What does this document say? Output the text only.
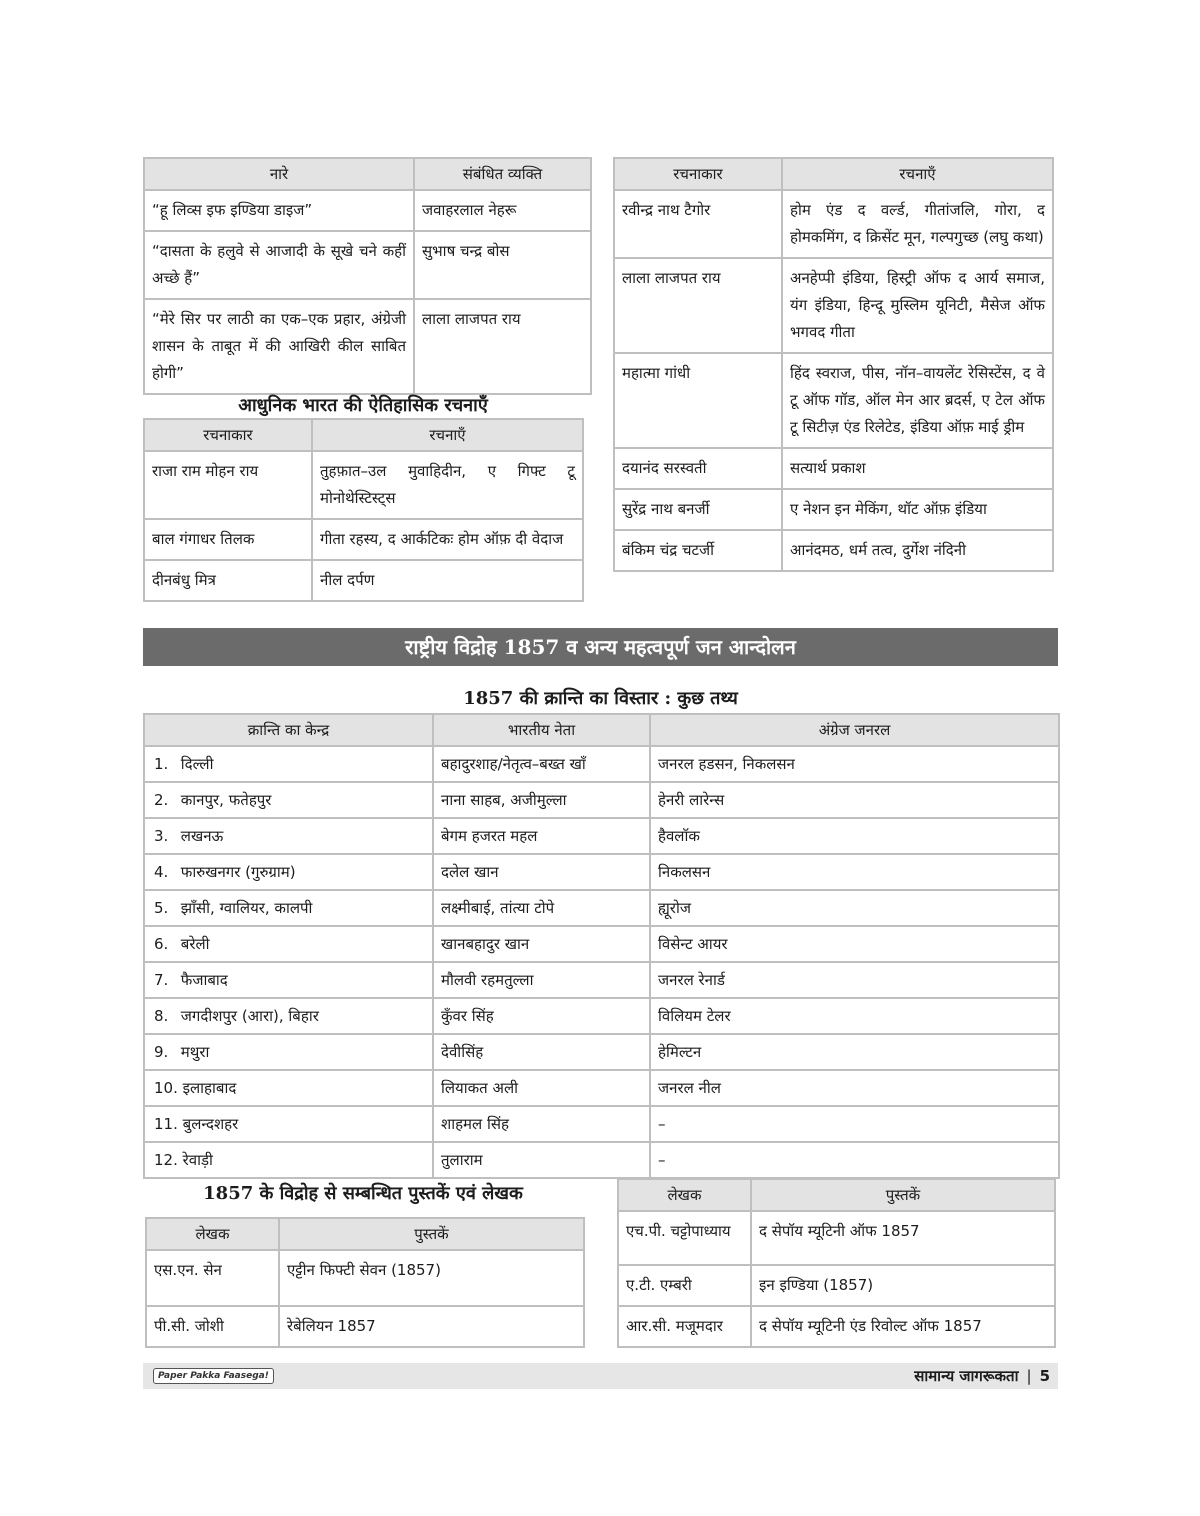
नारे	संबंधित व्यक्ति
“हू लिव्स इफ इण्डिया डाइज”	जवाहरलाल नेहरू
“दासता के हलुवे से आजादी के सूखे चने कहीं अच्छे हैं”	सुभाष चन्द्र बोस
“मेरे सिर पर लाठी का एक–एक प्रहार, अंग्रेजी शासन के ताबूत में की आखिरी कील साबित होगी”	लाला लाजपत राय
आधुनिक भारत की ऐतिहासिक रचनाएँ
रचनाकार	रचनाएँ
राजा राम मोहन राय	तुहफ़ात–उल मुवाहिदीन, ए गिफ्ट टू मोनोथेस्टिस्ट्स
बाल गंगाधर तिलक	गीता रहस्य, द आर्कटिकः होम ऑफ़ दी वेदाज
दीनबंधु मित्र	नील दर्पण
रचनाकार	रचनाएँ
रवीन्द्र नाथ टैगोर	होम एंड द वर्ल्ड, गीतांजलि, गोरा, द होमकमिंग, द क्रिसेंट मून, गल्पगुच्छ (लघु कथा)
लाला लाजपत राय	अनहेप्पी इंडिया, हिस्ट्री ऑफ द आर्य समाज, यंग इंडिया, हिन्दू मुस्लिम यूनिटी, मैसेज ऑफ भगवद गीता
महात्मा गांधी	हिंद स्वराज, पीस, नॉन–वायलेंट रेसिस्टेंस, द वे टू ऑफ गॉड, ऑल मेन आर ब्रदर्स, ए टेल ऑफ टू सिटीज़ एंड रिलेटेड, इंडिया ऑफ़ माई ड्रीम
दयानंद सरस्वती	सत्यार्थ प्रकाश
सुरेंद्र नाथ बनर्जी	ए नेशन इन मेकिंग, थॉट ऑफ़ इंडिया
बंकिम चंद्र चटर्जी	आनंदमठ, धर्म तत्व, दुर्गेश नंदिनी
राष्ट्रीय विद्रोह 1857 व अन्य महत्वपूर्ण जन आन्दोलन
1857 की क्रान्ति का विस्तार : कुछ तथ्य
क्रान्ति का केन्द्र	भारतीय नेता	अंग्रेज जनरल
1. दिल्ली	बहादुरशाह/नेतृत्व–बख्त खाँ	जनरल हडसन, निकलसन
2. कानपुर, फतेहपुर	नाना साहब, अजीमुल्ला	हेनरी लारेन्स
3. लखनऊ	बेगम हजरत महल	हैवलॉक
4. फारुखनगर (गुरुग्राम)	दलेल खान	निकलसन
5. झाँसी, ग्वालियर, कालपी	लक्ष्मीबाई, तांत्या टोपे	ह्यूरोज
6. बरेली	खानबहादुर खान	विसेन्ट आयर
7. फैजाबाद	मौलवी रहमतुल्ला	जनरल रेनार्ड
8. जगदीशपुर (आरा), बिहार	कुँवर सिंह	विलियम टेलर
9. मथुरा	देवीसिंह	हेमिल्टन
10. इलाहाबाद	लियाकत अली	जनरल नील
11. बुलन्दशहर	शाहमल सिंह	–
12. रेवाड़ी	तुलाराम	–
1857 के विद्रोह से सम्बन्धित पुस्तकें एवं लेखक
लेखक	पुस्तकें
एस.एन. सेन	एट्टीन फिफ्टी सेवन (1857)
पी.सी. जोशी	रेबेलियन 1857
लेखक	पुस्तकें
एच.पी. चट्टोपाध्याय	द सेपॉय म्यूटिनी ऑफ 1857
ए.टी. एम्बरी	इन इण्डिया (1857)
आर.सी. मजूमदार	द सेपॉय म्यूटिनी एंड रिवोल्ट ऑफ 1857
Paper Pakka Faasega!	सामान्य जागरूकता | 5
